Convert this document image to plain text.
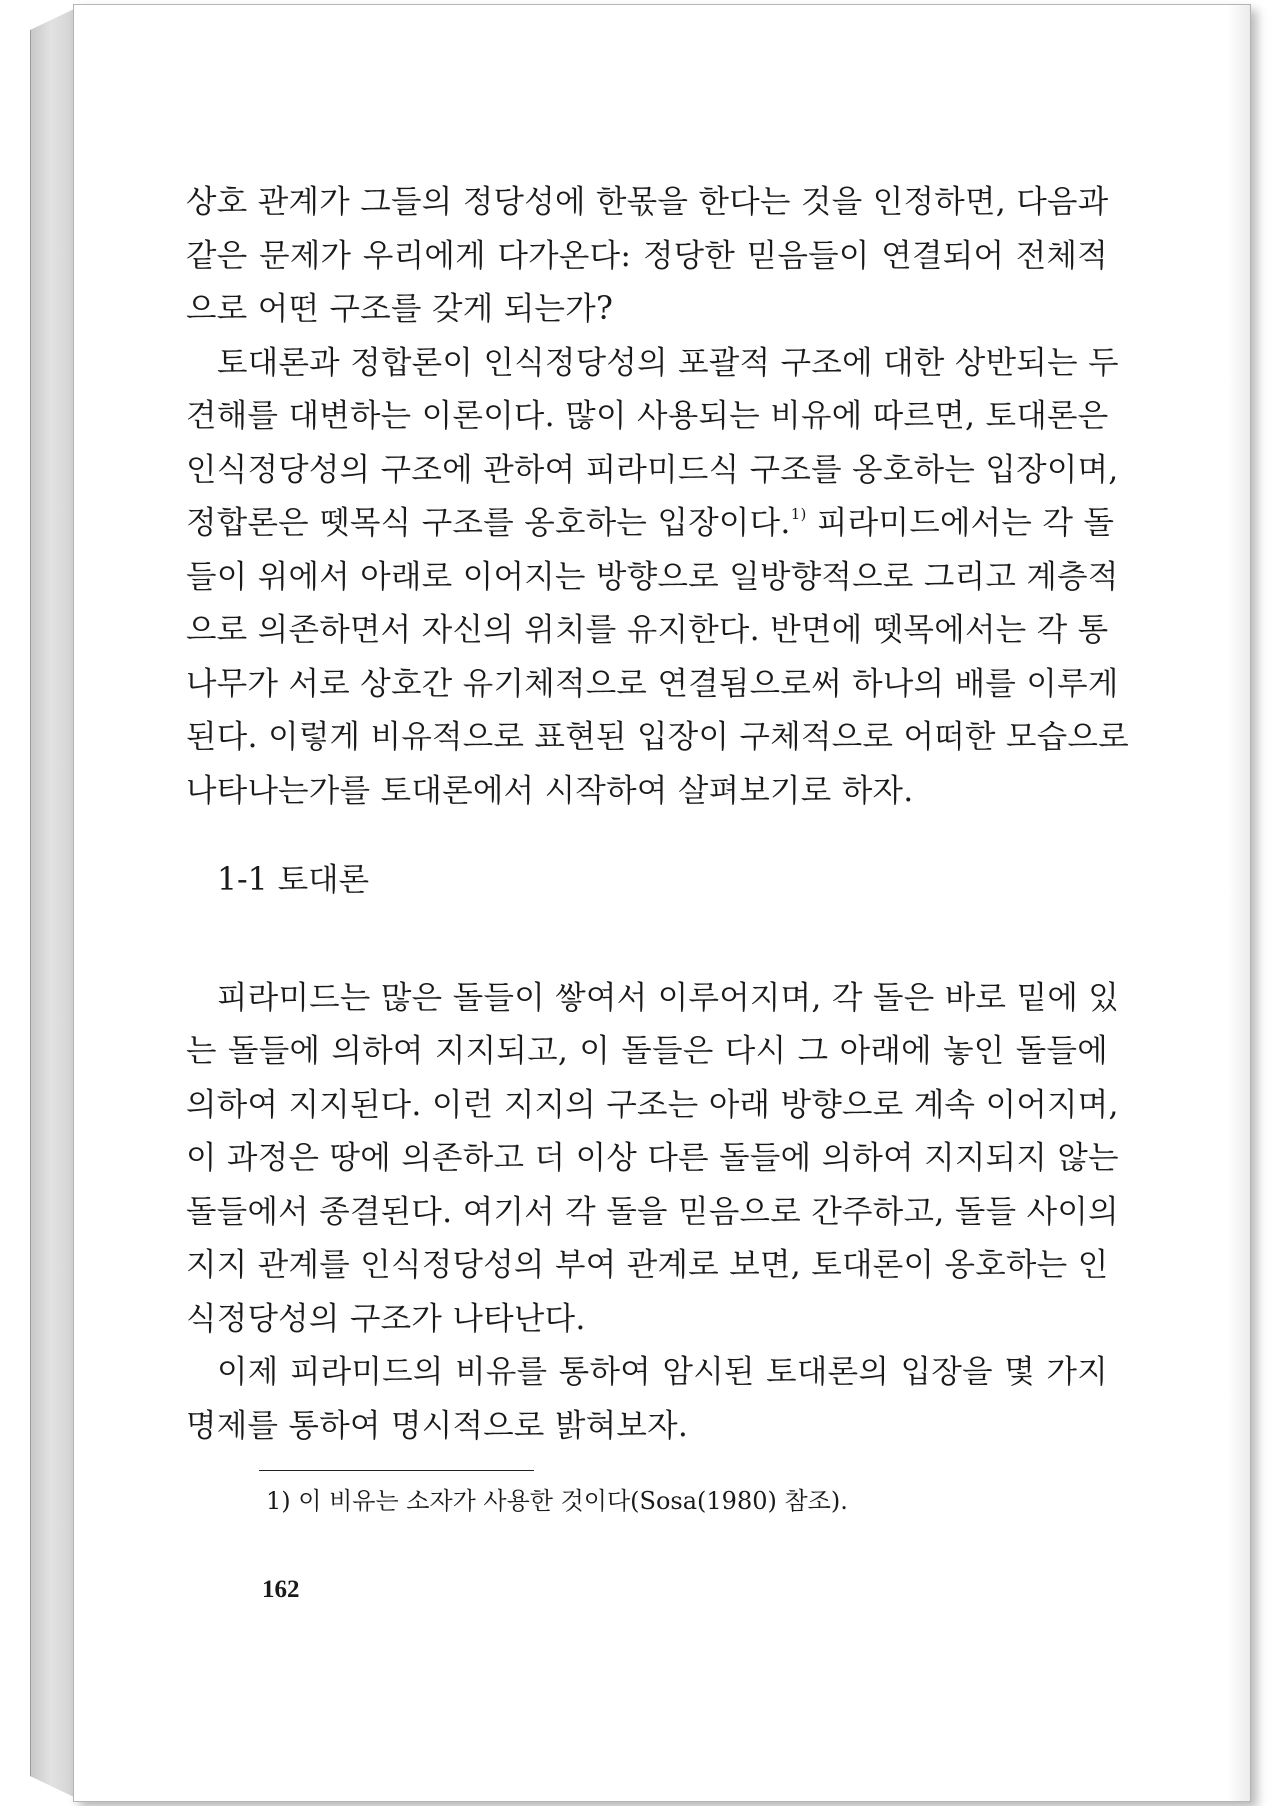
상호 관계가 그들의 정당성에 한몫을 한다는 것을 인정하면, 다음과
같은 문제가 우리에게 다가온다: 정당한 믿음들이 연결되어 전체적
으로 어떤 구조를 갖게 되는가?
토대론과 정합론이 인식정당성의 포괄적 구조에 대한 상반되는 두
견해를 대변하는 이론이다. 많이 사용되는 비유에 따르면, 토대론은
인식정당성의 구조에 관하여 피라미드식 구조를 옹호하는 입장이며,
정합론은 뗏목식 구조를 옹호하는 입장이다.$^{1)}$ 피라미드에서는 각 돌
들이 위에서 아래로 이어지는 방향으로 일방향적으로 그리고 계층적
으로 의존하면서 자신의 위치를 유지한다. 반면에 뗏목에서는 각 통
나무가 서로 상호간 유기체적으로 연결됨으로써 하나의 배를 이루게
된다. 이렇게 비유적으로 표현된 입장이 구체적으로 어떠한 모습으로
나타나는가를 토대론에서 시작하여 살펴보기로 하자.
1-1 토대론
피라미드는 많은 돌들이 쌓여서 이루어지며, 각 돌은 바로 밑에 있
는 돌들에 의하여 지지되고, 이 돌들은 다시 그 아래에 놓인 돌들에
의하여 지지된다. 이런 지지의 구조는 아래 방향으로 계속 이어지며,
이 과정은 땅에 의존하고 더 이상 다른 돌들에 의하여 지지되지 않는
돌들에서 종결된다. 여기서 각 돌을 믿음으로 간주하고, 돌들 사이의
지지 관계를 인식정당성의 부여 관계로 보면, 토대론이 옹호하는 인
식정당성의 구조가 나타난다.
이제 피라미드의 비유를 통하여 암시된 토대론의 입장을 몇 가지
명제를 통하여 명시적으로 밝혀보자.
1) 이 비유는 소자가 사용한 것이다(Sosa(1980) 참조).
162
